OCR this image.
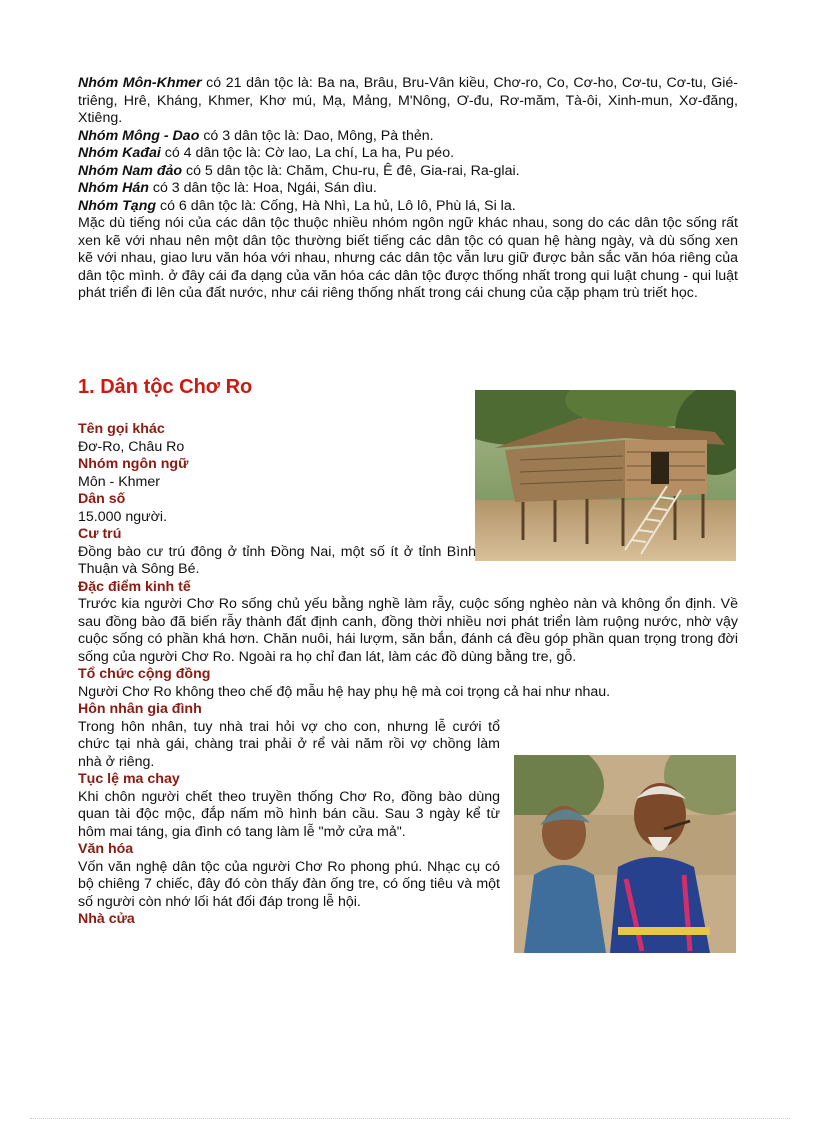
Nhóm Môn-Khmer có 21 dân tộc là: Ba na, Brâu, Bru-Vân kiều, Chơ-ro, Co, Cơ-ho, Cơ-tu, Cơ-tu, Gié-triêng, Hrê, Kháng, Khmer, Khơ mú, Mạ, Mảng, M'Nông, Ơ-đu, Rơ-măm, Tà-ôi, Xinh-mun, Xơ-đăng, Xtiêng.

Nhóm Mông - Dao có 3 dân tộc là: Dao, Mông, Pà thẻn.

Nhóm Kađai có 4 dân tộc là: Cờ lao, La chí, La ha, Pu péo.

Nhóm Nam đảo có 5 dân tộc là: Chăm, Chu-ru, Ê đê, Gia-rai, Ra-glai.

Nhóm Hán có 3 dân tộc là: Hoa, Ngái, Sán dìu.

Nhóm Tạng có 6 dân tộc là: Cống, Hà Nhì, La hủ, Lô lô, Phù lá, Si la.

Mặc dù tiếng nói của các dân tộc thuộc nhiều nhóm ngôn ngữ khác nhau, song do các dân tộc sống rất xen kẽ với nhau nên một dân tộc thường biết tiếng các dân tộc có quan hệ hàng ngày, và dù sống xen kẽ với nhau, giao lưu văn hóa với nhau, nhưng các dân tộc vẫn lưu giữ được bản sắc văn hóa riêng của dân tộc mình. ở đây cái đa dạng của văn hóa các dân tộc được thống nhất trong qui luật chung - qui luật phát triển đi lên của đất nước, như cái riêng thống nhất trong cái chung của cặp phạm trù triết học.

1. Dân tộc Chơ Ro

Tên gọi khác

Đơ-Ro, Châu Ro

Nhóm ngôn ngữ

Môn - Khmer

Dân số

15.000 người.

Cư trú

Đồng bào cư trú đông ở tỉnh Đồng Nai, một số ít ở tỉnh Bình Thuận và Sông Bé.

Đặc điểm kinh tế

Trước kia người Chơ Ro sống chủ yếu bằng nghề làm rẫy, cuộc sống nghèo nàn và không ổn định. Về sau đồng bào đã biến rẫy thành đất định canh, đồng thời nhiều nơi phát triển làm ruộng nước, nhờ vậy cuộc sống có phần khá hơn. Chăn nuôi, hái lượm, săn bắn, đánh cá đều góp phần quan trọng trong đời sống của người Chơ Ro. Ngoài ra họ chỉ đan lát, làm các đồ dùng bằng tre, gỗ.

Tổ chức cộng đồng

Người Chơ Ro không theo chế độ mẫu hệ hay phụ hệ mà coi trọng cả hai như nhau.

Hôn nhân gia đình

Trong hôn nhân, tuy nhà trai hỏi vợ cho con, nhưng lễ cưới tổ chức tại nhà gái, chàng trai phải ở rể vài năm rồi vợ chồng làm nhà ở riêng.

Tục lệ ma chay

Khi chôn người chết theo truyền thống Chơ Ro, đồng bào dùng quan tài độc mộc, đắp nấm mồ hình bán cầu. Sau 3 ngày kể từ hôm mai táng, gia đình có tang làm lễ "mở cửa mả".

Văn hóa

Vốn văn nghệ dân tộc của người Chơ Ro phong phú. Nhạc cụ có bộ chiêng 7 chiếc, đây đó còn thấy đàn ống tre, có ống tiêu và một số người còn nhớ lối hát đối đáp trong lễ hội.

Nhà cửa
